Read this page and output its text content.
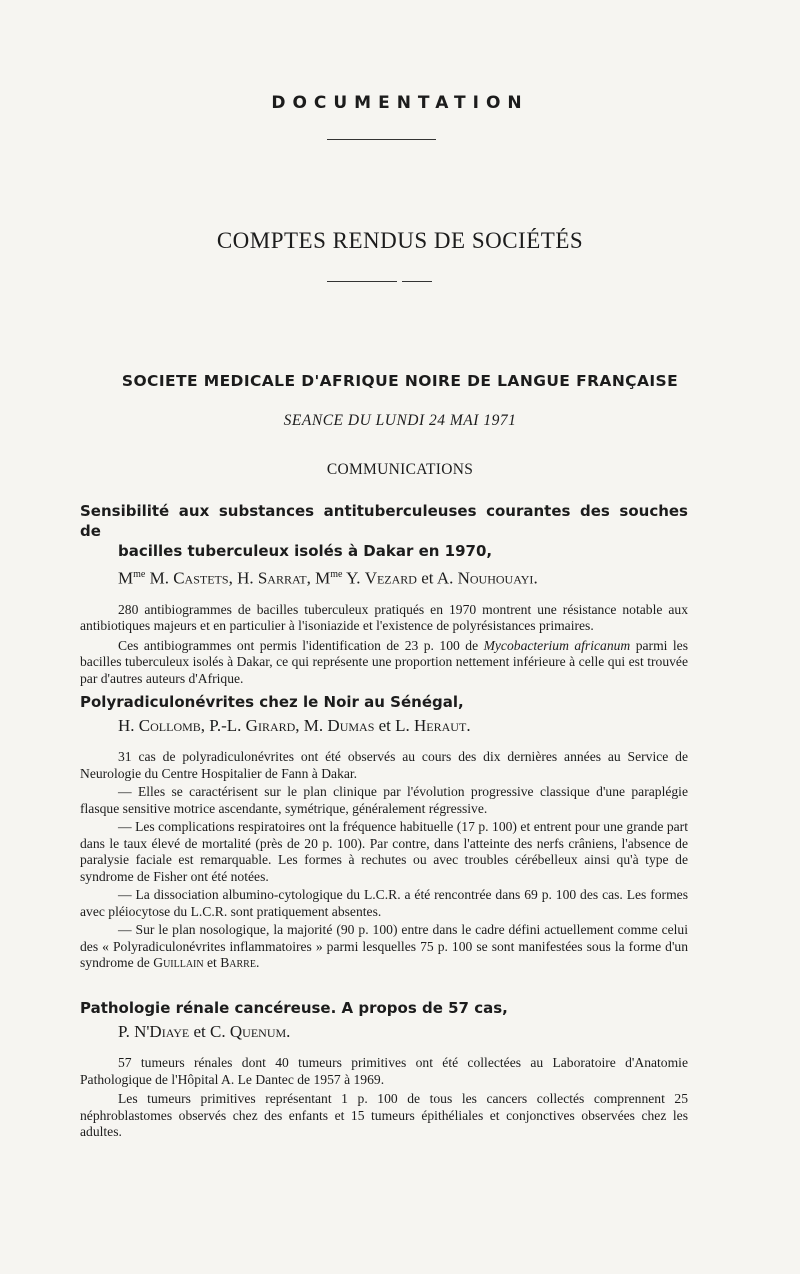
DOCUMENTATION
COMPTES RENDUS DE SOCIÉTÉS
SOCIETE MEDICALE D'AFRIQUE NOIRE DE LANGUE FRANÇAISE
SEANCE DU LUNDI 24 MAI 1971
COMMUNICATIONS
Sensibilité aux substances antituberculeuses courantes des souches de
bacilles tuberculeux isolés à Dakar en 1970,
$M^{me}$ M. Castets, H. Sarrat, $M^{me}$ Y. Vezard et A. Nouhouayi.

280 antibiogrammes de bacilles tuberculeux pratiqués en 1970 montrent une résistance notable aux antibiotiques majeurs et en particulier à l'isoniazide et l'existence de polyrésistances primaires.

Ces antibiogrammes ont permis l'identification de 23 p. 100 de Mycobacterium africanum parmi les bacilles tuberculeux isolés à Dakar, ce qui représente une proportion nettement inférieure à celle qui est trouvée par d'autres auteurs d'Afrique.

Polyradiculonévrites chez le Noir au Sénégal,
H. Collomb, P.-L. Girard, M. Dumas et L. Heraut.

31 cas de polyradiculonévrites ont été observés au cours des dix dernières années au Service de Neurologie du Centre Hospitalier de Fann à Dakar.

— Elles se caractérisent sur le plan clinique par l'évolution progressive classique d'une paraplégie flasque sensitive motrice ascendante, symétrique, généralement régressive.

— Les complications respiratoires ont la fréquence habituelle (17 p. 100) et entrent pour une grande part dans le taux élevé de mortalité (près de 20 p. 100). Par contre, dans l'atteinte des nerfs crâniens, l'absence de paralysie faciale est remarquable. Les formes à rechutes ou avec troubles cérébelleux ainsi qu'à type de syndrome de Fisher ont été notées.

— La dissociation albumino-cytologique du L.C.R. a été rencontrée dans 69 p. 100 des cas. Les formes avec pléiocytose du L.C.R. sont pratiquement absentes.

— Sur le plan nosologique, la majorité (90 p. 100) entre dans le cadre défini actuellement comme celui des « Polyradiculonévrites inflammatoires » parmi lesquelles 75 p. 100 se sont manifestées sous la forme d'un syndrome de Guillain et Barre.

Pathologie rénale cancéreuse. A propos de 57 cas,
P. N'Diaye et C. Quenum.

57 tumeurs rénales dont 40 tumeurs primitives ont été collectées au Laboratoire d'Anatomie Pathologique de l'Hôpital A. Le Dantec de 1957 à 1969.

Les tumeurs primitives représentant 1 p. 100 de tous les cancers collectés comprennent 25 néphroblastomes observés chez des enfants et 15 tumeurs épithéliales et conjonctives observées chez les adultes.
